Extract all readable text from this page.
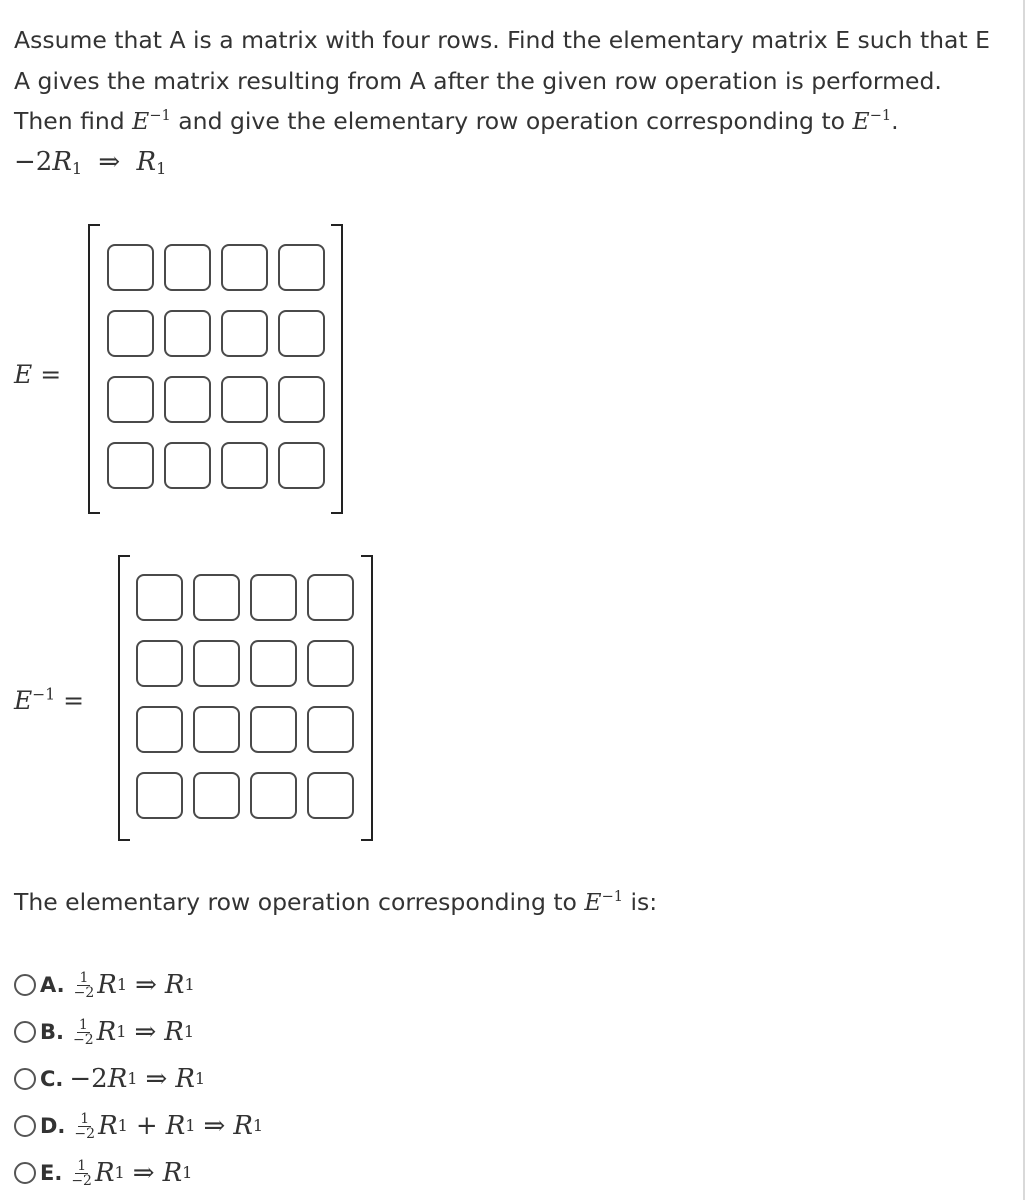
Assume that A is a matrix with four rows. Find the elementary matrix E such that E A gives the matrix resulting from A after the given row operation is performed. Then find $E^{-1}$ and give the elementary row operation corresponding to $E^{-1}$.
$-2R_1$ ⇒ $R_1$
E =
$E^{-1}$ =
The elementary row operation corresponding to $E^{-1}$ is:
A. $\frac{1}{-2}$ R 1 ⇒ R 1
B. $\frac{1}{-2}$ R 1 ⇒ R 1
C. −2 R 1 ⇒ R 1
D. $\frac{1}{-2}$ R 1 + R 1 ⇒ R 1
E. $\frac{1}{-2}$ R 1 ⇒ R 1
